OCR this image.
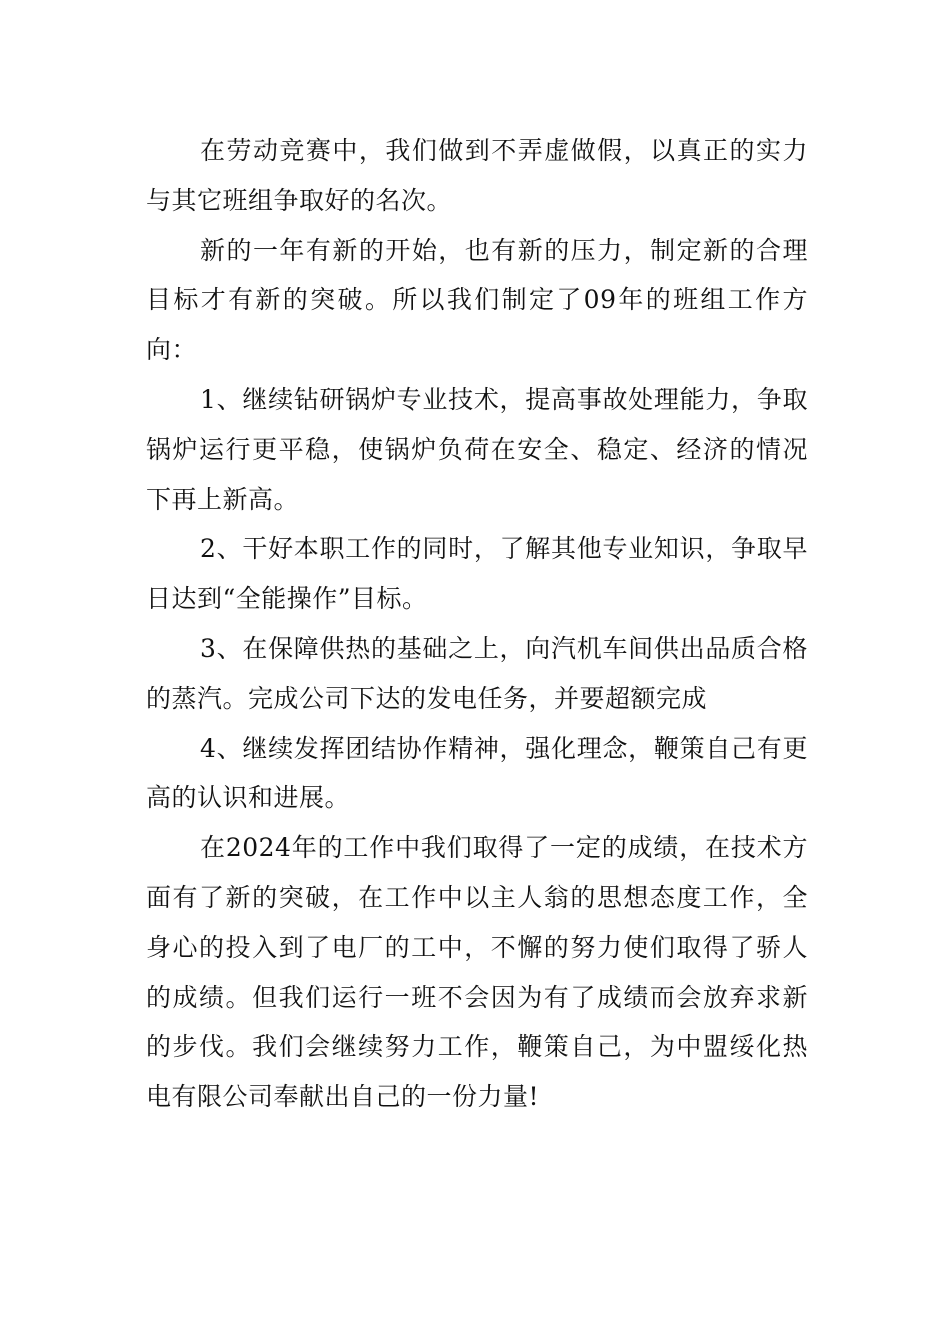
在劳动竞赛中，我们做到不弄虚做假，以真正的实力与其它班组争取好的名次。

新的一年有新的开始，也有新的压力，制定新的合理目标才有新的突破。所以我们制定了09年的班组工作方向：

1、继续钻研锅炉专业技术，提高事故处理能力，争取锅炉运行更平稳，使锅炉负荷在安全、稳定、经济的情况下再上新高。

2、干好本职工作的同时，了解其他专业知识，争取早日达到“全能操作”目标。

3、在保障供热的基础之上，向汽机车间供出品质合格的蒸汽。完成公司下达的发电任务，并要超额完成

4、继续发挥团结协作精神，强化理念，鞭策自己有更高的认识和进展。

在2024年的工作中我们取得了一定的成绩，在技术方面有了新的突破，在工作中以主人翁的思想态度工作，全身心的投入到了电厂的工中，不懈的努力使们取得了骄人的成绩。但我们运行一班不会因为有了成绩而会放弃求新的步伐。我们会继续努力工作，鞭策自己，为中盟绥化热电有限公司奉献出自己的一份力量!
